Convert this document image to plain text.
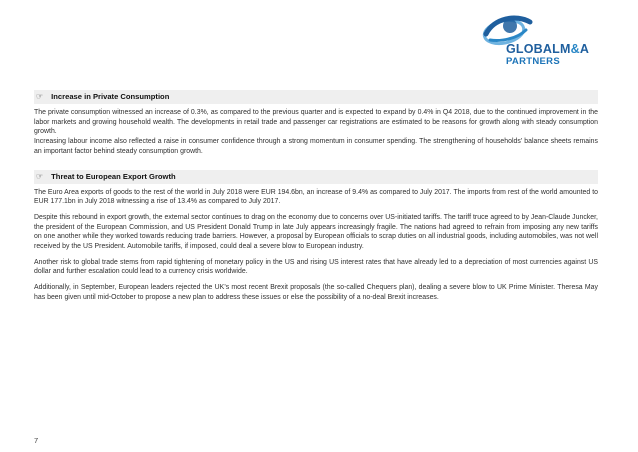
GLOBALM&A
PARTNERS
☞ Increase in Private Consumption

The private consumption witnessed an increase of 0.3%, as compared to the previous quarter and is expected to expand by 0.4% in Q4 2018, due to the continued improvement in the labor markets and growing household wealth. The developments in retail trade and passenger car registrations are estimated to be reasons for growth along with steady consumption growth.

Increasing labour income also reflected a raise in consumer confidence through a strong momentum in consumer spending. The strengthening of households’ balance sheets remains an important factor behind steady consumption growth.

☞ Threat to European Export Growth

The Euro Area exports of goods to the rest of the world in July 2018 were EUR 194.6bn, an increase of 9.4% as compared to July 2017. The imports from rest of the world amounted to EUR 177.1bn in July 2018 witnessing a rise of 13.4% as compared to July 2017.

Despite this rebound in export growth, the external sector continues to drag on the economy due to concerns over US-initiated tariffs. The tariff truce agreed to by Jean-Claude Juncker, the president of the European Commission, and US President Donald Trump in late July appears increasingly fragile. The nations had agreed to refrain from imposing any new tariffs on one another while they worked towards reducing trade barriers. However, a proposal by European officials to scrap duties on all industrial goods, including automobiles, was not well received by the US President. Automobile tariffs, if imposed, could deal a severe blow to European industry.

Another risk to global trade stems from rapid tightening of monetary policy in the US and rising US interest rates that have already led to a depreciation of most currencies against US dollar and further escalation could lead to a currency crisis worldwide.

Additionally, in September, European leaders rejected the UK’s most recent Brexit proposals (the so-called Chequers plan), dealing a severe blow to UK Prime Minister. Theresa May has been given until mid-October to propose a new plan to address these issues or else the possibility of a no-deal Brexit increases.

7
